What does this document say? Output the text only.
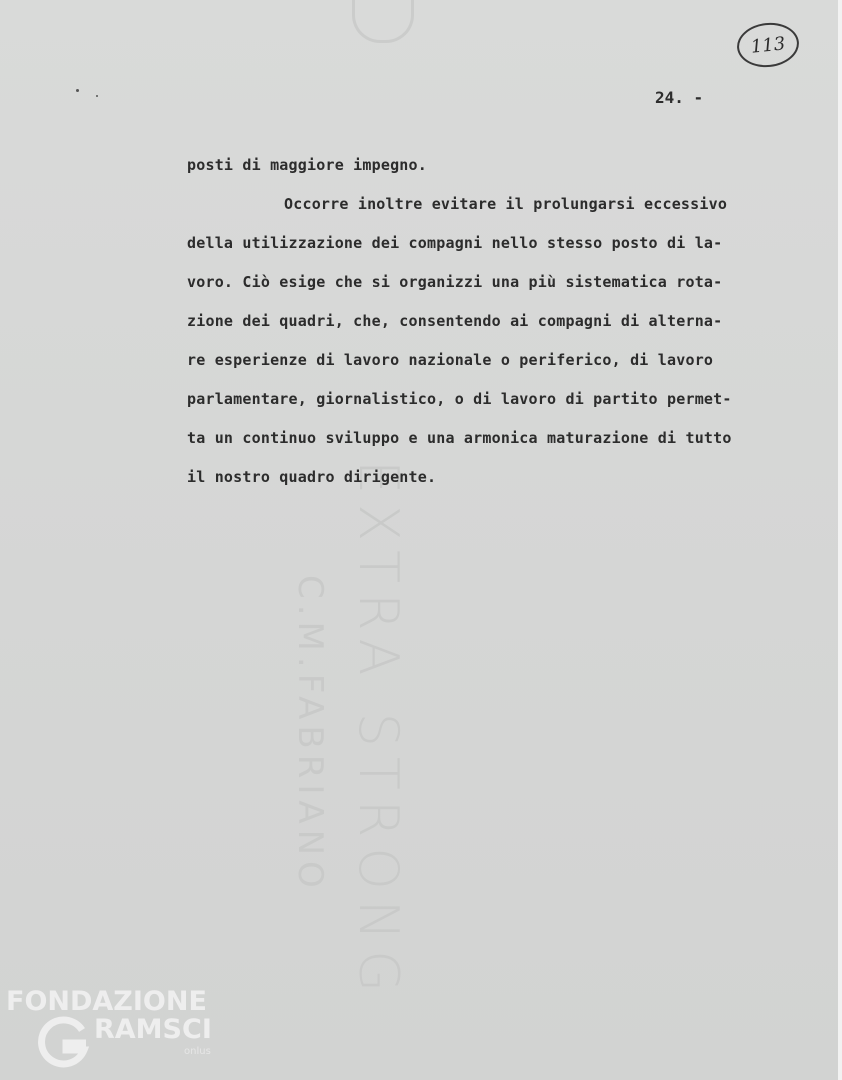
EXTRA STRONG
C.M.FABRIANO
113
24. -
posti di maggiore impegno.
Occorre inoltre evitare il prolungarsi eccessivo
della utilizzazione dei compagni nello stesso posto di la-
voro. Ciò esige che si organizzi una più sistematica rota-
zione dei quadri, che, consentendo ai compagni di alterna-
re esperienze di lavoro nazionale o periferico, di lavoro
parlamentare, giornalistico, o di lavoro di partito permet-
ta un continuo sviluppo e una armonica maturazione di tutto
il nostro quadro dirigente.
FONDAZIONE
RAMSCI
onlus
